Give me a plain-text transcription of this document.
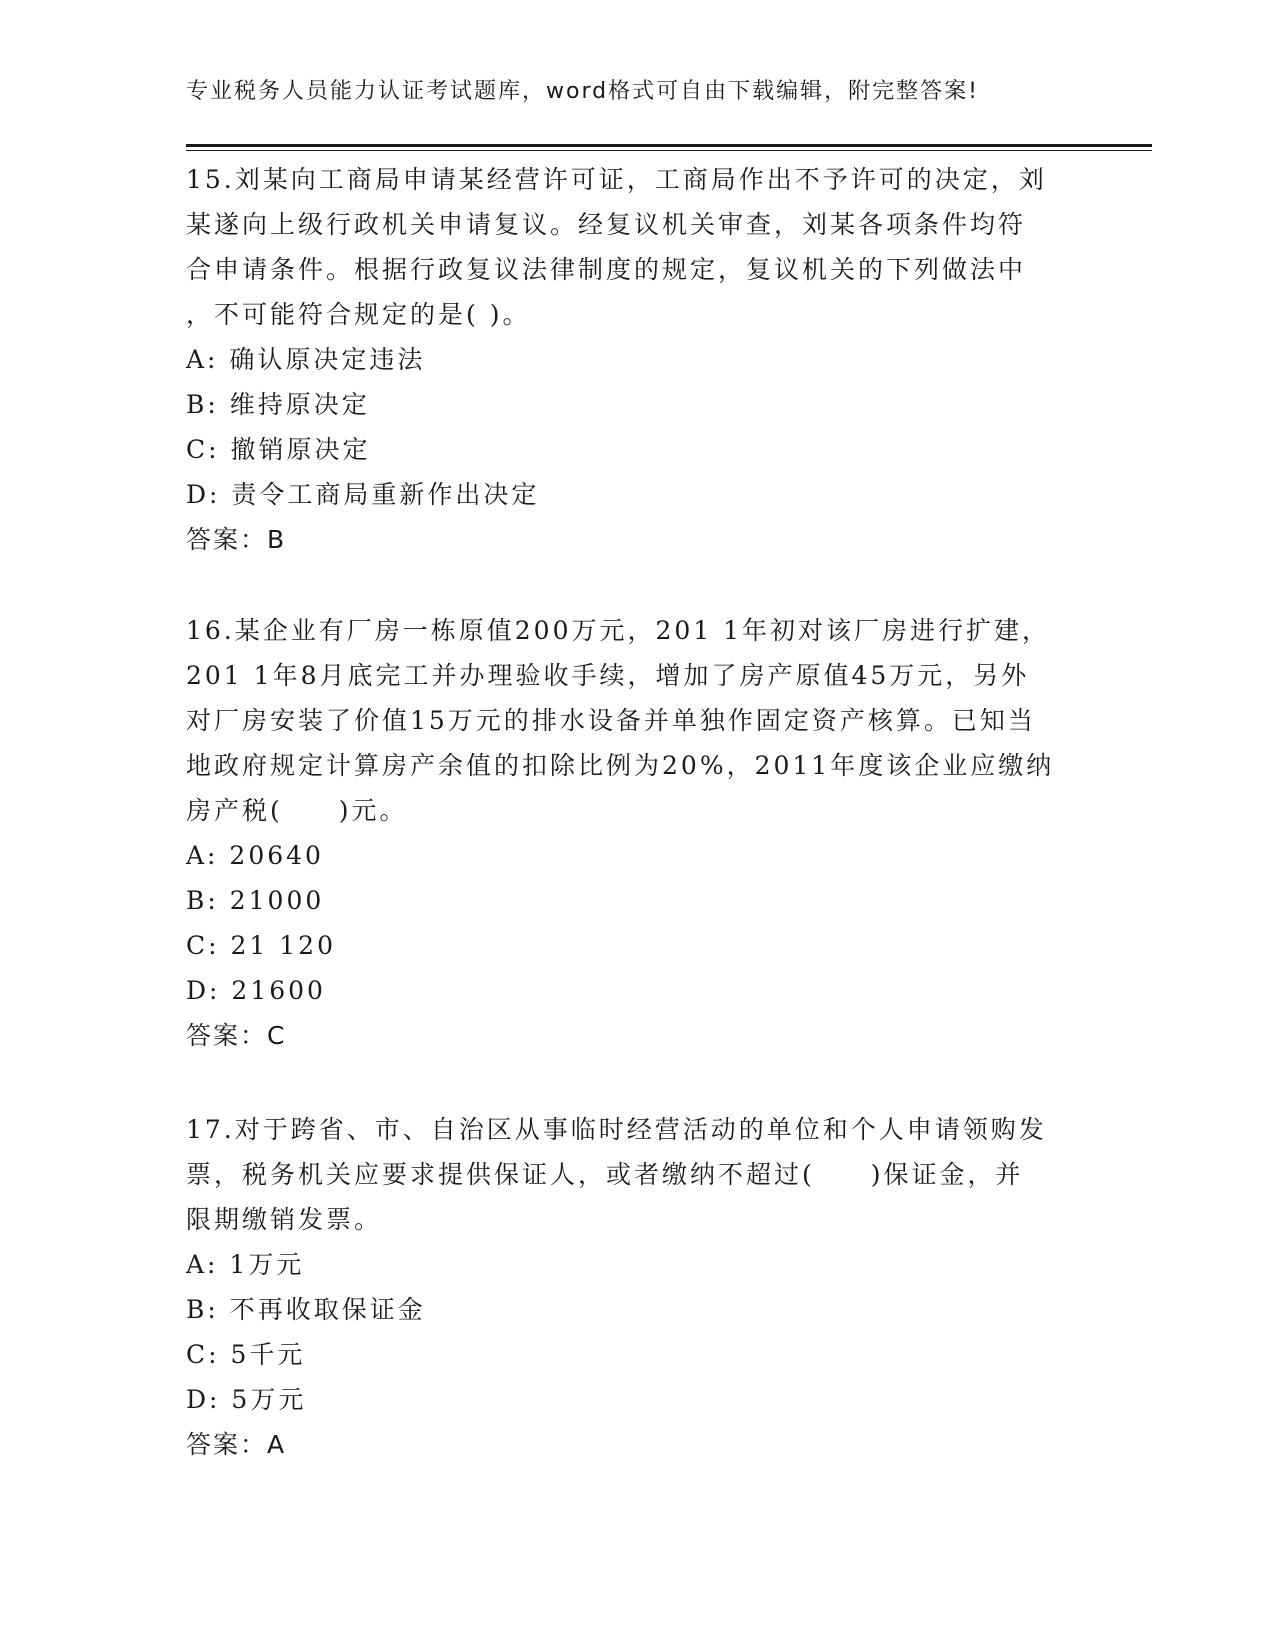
专业税务人员能力认证考试题库，word格式可自由下载编辑，附完整答案!
15.刘某向工商局申请某经营许可证，工商局作出不予许可的决定，刘
某遂向上级行政机关申请复议。经复议机关审查，刘某各项条件均符
合申请条件。根据行政复议法律制度的规定，复议机关的下列做法中
，不可能符合规定的是( )。
A: 确认原决定违法
B: 维持原决定
C: 撤销原决定
D: 责令工商局重新作出决定
答案：B
16.某企业有厂房一栋原值200万元，201 1年初对该厂房进行扩建，
201 1年8月底完工并办理验收手续，增加了房产原值45万元，另外
对厂房安装了价值15万元的排水设备并单独作固定资产核算。已知当
地政府规定计算房产余值的扣除比例为20%，2011年度该企业应缴纳
房产税(　　)元。
A: 20640
B: 21000
C: 21 120
D: 21600
答案：C
17.对于跨省、市、自治区从事临时经营活动的单位和个人申请领购发
票，税务机关应要求提供保证人，或者缴纳不超过(　　)保证金，并
限期缴销发票。
A: 1万元
B: 不再收取保证金
C: 5千元
D: 5万元
答案：A
